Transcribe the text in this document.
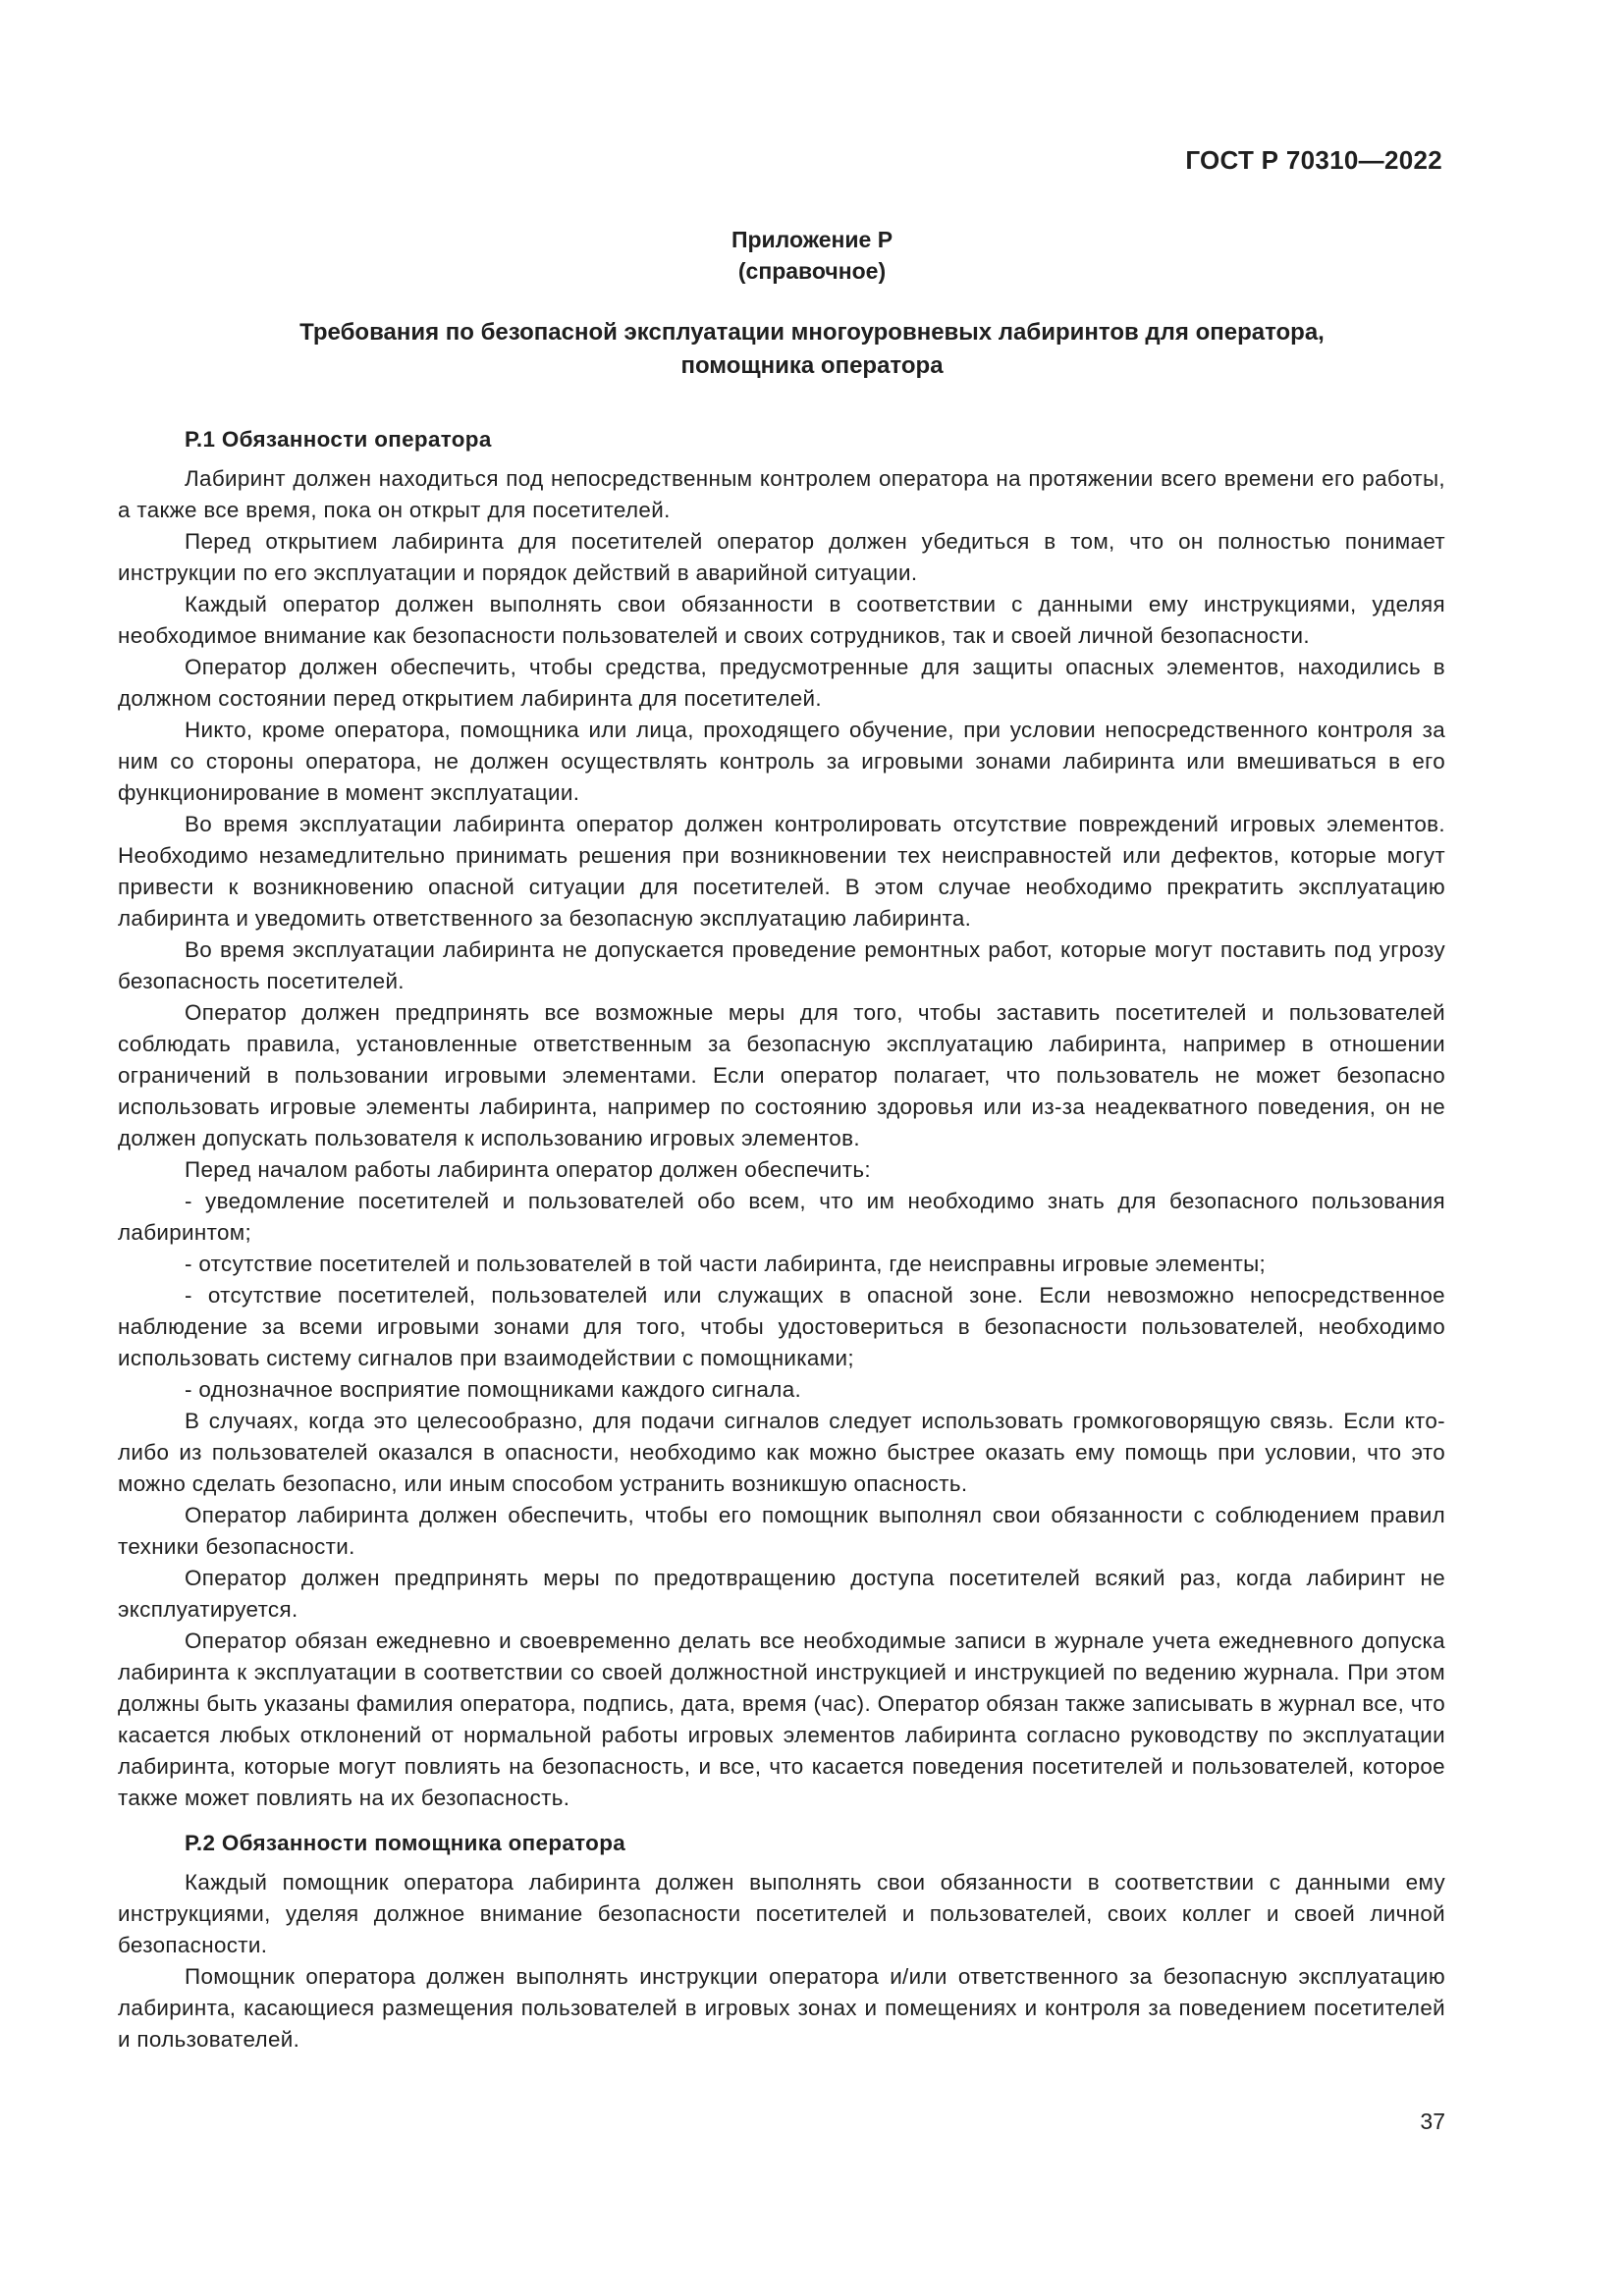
ГОСТ Р 70310—2022
Приложение Р
(справочное)
Требования по безопасной эксплуатации многоуровневых лабиринтов для оператора,
помощника оператора
Р.1 Обязанности оператора

Лабиринт должен находиться под непосредственным контролем оператора на протяжении всего времени его работы, а также все время, пока он открыт для посетителей.

Перед открытием лабиринта для посетителей оператор должен убедиться в том, что он полностью понимает инструкции по его эксплуатации и порядок действий в аварийной ситуации.

Каждый оператор должен выполнять свои обязанности в соответствии с данными ему инструкциями, уделяя необходимое внимание как безопасности пользователей и своих сотрудников, так и своей личной безопасности.

Оператор должен обеспечить, чтобы средства, предусмотренные для защиты опасных элементов, находились в должном состоянии перед открытием лабиринта для посетителей.

Никто, кроме оператора, помощника или лица, проходящего обучение, при условии непосредственного контроля за ним со стороны оператора, не должен осуществлять контроль за игровыми зонами лабиринта или вмешиваться в его функционирование в момент эксплуатации.

Во время эксплуатации лабиринта оператор должен контролировать отсутствие повреждений игровых элементов. Необходимо незамедлительно принимать решения при возникновении тех неисправностей или дефектов, которые могут привести к возникновению опасной ситуации для посетителей. В этом случае необходимо прекратить эксплуатацию лабиринта и уведомить ответственного за безопасную эксплуатацию лабиринта.

Во время эксплуатации лабиринта не допускается проведение ремонтных работ, которые могут поставить под угрозу безопасность посетителей.

Оператор должен предпринять все возможные меры для того, чтобы заставить посетителей и пользователей соблюдать правила, установленные ответственным за безопасную эксплуатацию лабиринта, например в отношении ограничений в пользовании игровыми элементами. Если оператор полагает, что пользователь не может безопасно использовать игровые элементы лабиринта, например по состоянию здоровья или из-за неадекватного поведения, он не должен допускать пользователя к использованию игровых элементов.

Перед началом работы лабиринта оператор должен обеспечить:

- уведомление посетителей и пользователей обо всем, что им необходимо знать для безопасного пользования лабиринтом;

- отсутствие посетителей и пользователей в той части лабиринта, где неисправны игровые элементы;

- отсутствие посетителей, пользователей или служащих в опасной зоне. Если невозможно непосредственное наблюдение за всеми игровыми зонами для того, чтобы удостовериться в безопасности пользователей, необходимо использовать систему сигналов при взаимодействии с помощниками;

- однозначное восприятие помощниками каждого сигнала.

В случаях, когда это целесообразно, для подачи сигналов следует использовать громкоговорящую связь. Если кто-либо из пользователей оказался в опасности, необходимо как можно быстрее оказать ему помощь при условии, что это можно сделать безопасно, или иным способом устранить возникшую опасность.

Оператор лабиринта должен обеспечить, чтобы его помощник выполнял свои обязанности с соблюдением правил техники безопасности.

Оператор должен предпринять меры по предотвращению доступа посетителей всякий раз, когда лабиринт не эксплуатируется.

Оператор обязан ежедневно и своевременно делать все необходимые записи в журнале учета ежедневного допуска лабиринта к эксплуатации в соответствии со своей должностной инструкцией и инструкцией по ведению журнала. При этом должны быть указаны фамилия оператора, подпись, дата, время (час). Оператор обязан также записывать в журнал все, что касается любых отклонений от нормальной работы игровых элементов лабиринта согласно руководству по эксплуатации лабиринта, которые могут повлиять на безопасность, и все, что касается поведения посетителей и пользователей, которое также может повлиять на их безопасность.

Р.2 Обязанности помощника оператора

Каждый помощник оператора лабиринта должен выполнять свои обязанности в соответствии с данными ему инструкциями, уделяя должное внимание безопасности посетителей и пользователей, своих коллег и своей личной безопасности.

Помощник оператора должен выполнять инструкции оператора и/или ответственного за безопасную эксплуатацию лабиринта, касающиеся размещения пользователей в игровых зонах и помещениях и контроля за поведением посетителей и пользователей.

37
